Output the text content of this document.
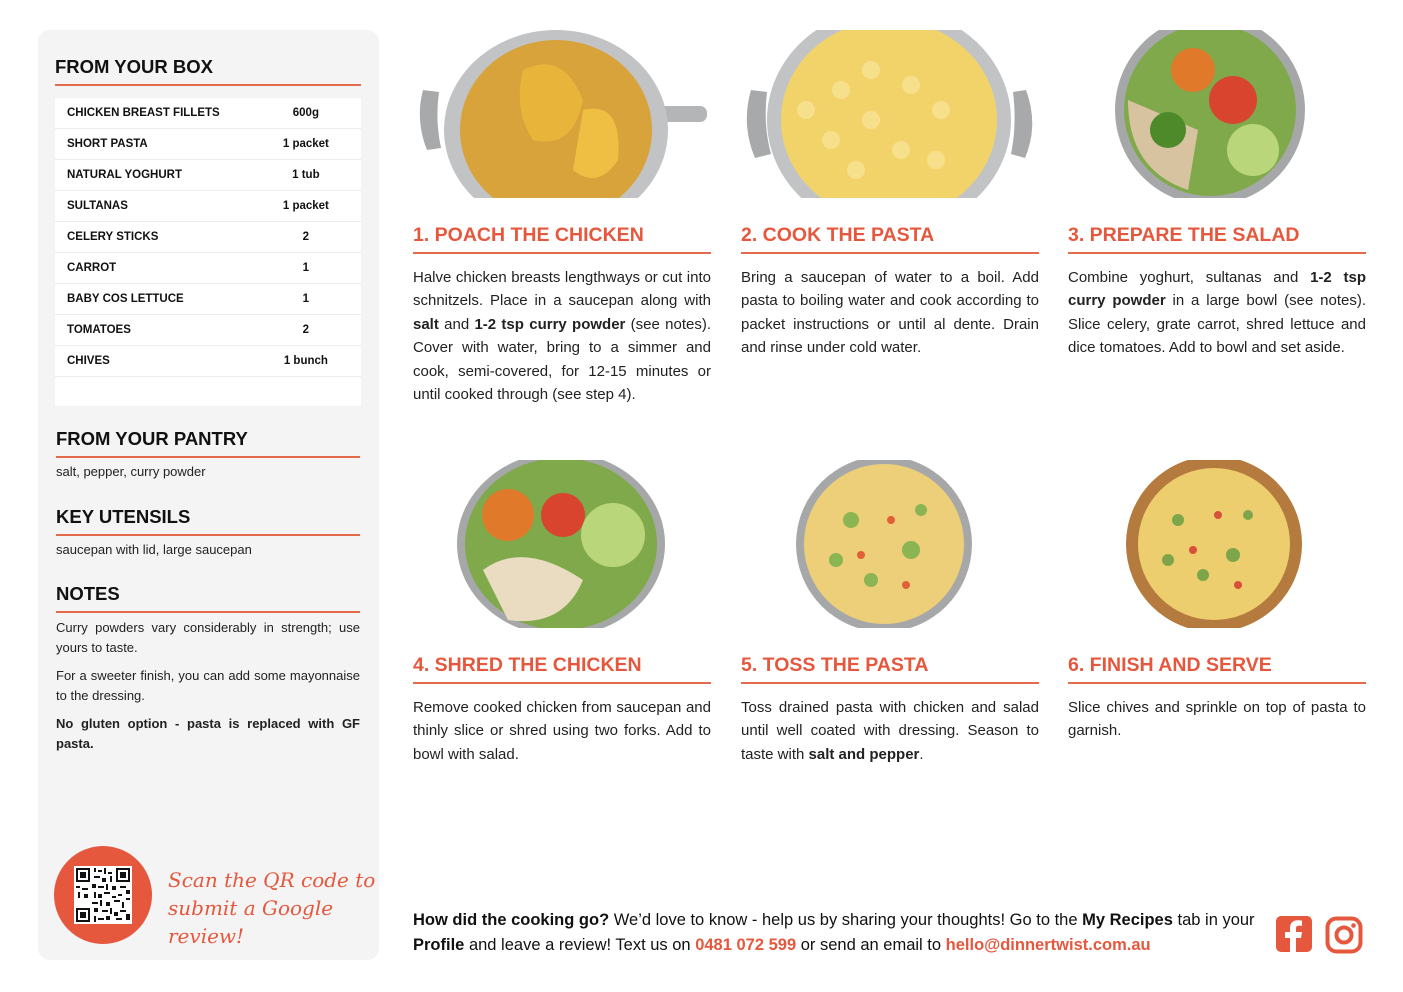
FROM YOUR BOX
CHICKEN BREAST FILLETS	600g
SHORT PASTA	1 packet
NATURAL YOGHURT	1 tub
SULTANAS	1 packet
CELERY STICKS	2
CARROT	1
BABY COS LETTUCE	1
TOMATOES	2
CHIVES	1 bunch
FROM YOUR PANTRY

salt, pepper, curry powder

KEY UTENSILS

saucepan with lid, large saucepan

NOTES

Curry powders vary considerably in strength; use yours to taste.

For a sweeter finish, you can add some mayonnaise to the dressing.

No gluten option - pasta is replaced with GF pasta.

Scan the QR code to
submit a Google review!
1. POACH THE CHICKEN	2. COOK THE PASTA	3. PREPARE THE SALAD
4. SHRED THE CHICKEN	5. TOSS THE PASTA	6. FINISH AND SERVE

Halve chicken breasts lengthways or cut into schnitzels. Place in a saucepan along with salt and 1-2 tsp curry powder (see notes). Cover with water, bring to a simmer and cook, semi-covered, for 12-15 minutes or until cooked through (see step 4).

Bring a saucepan of water to a boil. Add pasta to boiling water and cook according to packet instructions or until al dente. Drain and rinse under cold water.

Combine yoghurt, sultanas and 1-2 tsp curry powder in a large bowl (see notes). Slice celery, grate carrot, shred lettuce and dice tomatoes. Add to bowl and set aside.

Remove cooked chicken from saucepan and thinly slice or shred using two forks. Add to bowl with salad.

Toss drained pasta with chicken and salad until well coated with dressing. Season to taste with salt and pepper.

Slice chives and sprinkle on top of pasta to garnish.

How did the cooking go? We’d love to know - help us by sharing your thoughts! Go to the My Recipes tab in your Profile and leave a review! Text us on 0481 072 599 or send an email to hello@dinnertwist.com.au
